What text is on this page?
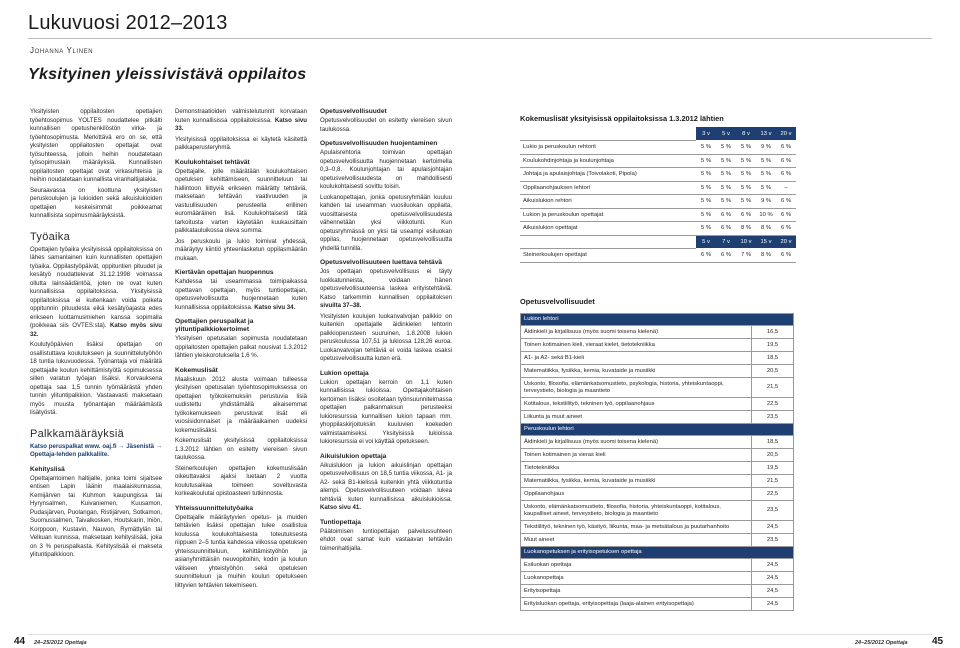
Lukuvuosi 2012–2013
Johanna Ylinen
Yksityinen yleissivistävä oppilaitos

Yksityisten oppilaitosten opettajien työehtosopimus YOLTES noudattelee pitkälti kunnallisen opetushenkilöstön virka- ja työehtosopimusta. Merkittävä ero on se, että yksityisten oppilaitosten opettajat ovat työsuhteessa, jolloin heihin noudatetaan työsopimuslain määräyksiä. Kunnallisten oppilaitosten opettajat ovat virkasuhteisia ja heihin noudatetaan kunnallista viranhaltijalakia.

Seuraavassa on koottuna yksityisten peruskoulujen ja lukioiden sekä aikuislukioiden opettajien keskeisimmät poikkeamat kunnallisista sopimusmääräyksistä.

Työaika

Opettajien työaika yksityisissä oppilaitoksissa on lähes samanlainen kuin kunnallisten opettajien työaika. Oppilastyöpäivät, oppituntien pituudet ja kesätyö noudattelevat 31.12.1998 voimassa ollutta lainsäädäntöä, joten ne ovat kuten kunnallisissa oppilaitoksissa. Yksityisissä oppilaitoksissa ei kuitenkaan voida poiketa oppitunnin pituudesta eikä kesätyöajasta edes erikseen luottamusmiehen kanssa sopimalla (poikkeaa siis OVTES:sta). Katso myös sivu 32.

Koulutyöpäivien lisäksi opettajan on osallistuttava koulutukseen ja suunnittelutyöhön 18 tuntia lukuvuodessa. Työnantaja voi määrätä opettajalle koulun kehittämistyötä sopimuksessa sillen varatun työajan lisäksi. Korvauksena opettaja saa 1,5 tunnin työmäärästä yhden tunnin ylituntipalkkion. Vastaavasti maksetaan myös muusta työnantajan määräämästä lisätyöstä.

Palkkamääräyksiä

Katso peruspalkat www. oaj.fi → Jäsenistä → Opettaja-lehden palkkaliite.

Kehityslisä

Opettajantoimen haltijalle, jonka toimi sijaitsee entisen Lapin läänin maalaiskunnassa, Kemijärven tai Kuhmon kaupungissa tai Hyrynsalmen, Kuivaniemen, Kuusamon, Pudasjärven, Puolangan, Ristijärven, Sotkamon, Suomussalmen, Taivalkosken, Houtskarin, Iniön, Korppoon, Kustavin, Nauvon, Rymättylän tai Velkuan kunnissa, maksetaan kehityslisää, joka on 3 % peruspalkasta. Kehityslisää ei makseta ylituntipalkkioon.

Demonstraatioiden valmistelutunnit korvataan kuten kunnallisissa oppilaitoksissa. Katso sivu 33.

Yksityisissä oppilaitoksissa ei käytetä käsitettä palkkaperusteryhmä.

Koulukohtaiset tehtävät

Opettajalle, jolle määrätään koulukohtaisen opetuksen kehittämiseen, suunnitteluun tai hallintoon liittyviä erikseen määrätty tehtäviä, maksetaan tehtävän vaativuuden ja vastuullisuuden perusteella erillinen euromääräinen lisä. Koulukohtaisesti tätä tarkoitusta varten käytetään kuukausittain palkkatauluikossa oleva summa.

Jos peruskoulu ja lukio toimivat yhdessä, määräytyy kiintiö yhteenlasketun oppilasmäärän mukaan.

Kiertävän opettajan huopennus

Kahdessa tai useammassa toimipaikassa opettavan opettajan, myös tuntiopettajan, opetusvelvollisuutta huojennetaan kuten kunnallisissa oppilaitoksissa. Katso sivu 34.

Opettajien peruspalkat ja ylituntipalkkiokertoimet

Yksityisen opetusalan sopimusta noudatetaan oppilaitosten opettajien palkat nousivat 1.3.2012 lähtien yleiskorotuksella 1,6 %.

Kokemuslisät

Maaliskuun 2012 alusta voimaan tulleessa yksityisen opetusalan työehtosopimuksessa on opettajien työkokemuksiin perustuvia lisiä uudistettu yhdistämällä aikaisemmat työkokemukseen perustuvat lisät eli vuosisidonnaiset ja määräaikainen uudeksi kokemuslisäksi.

Kokemuslisät yksityisissä oppilaitoksissa 1.3.2012 lähtien on esitetty viereisen sivun taulukossa.

Steinerkoulujen opettajien kokemuslisään oikeuttavaksi ajaksi luetaan 2 vuotta koulutusaikaa toimeen soveltuvasta korkeakoulutai opistoasteen tutkinnosta.

Yhteissuunnittelutyöaika

Opettajalle määräytyvien opetus- ja muiden tehtävien lisäksi opettajan tulee osallistua koulussa koulukohtaisesta toteutuksesta riippuen 2–5 tuntia kahdessa viikossa opetuksen yhteissuunnitteluun, kehittämistyöhön ja asianyhmittäisiin neuvopitoihin, kodin ja koulun väliseen yhteistyöhön sekä opetuksen suunnitteluun ja muihin koulun opetukseen liittyvien tehtävien tekemiseen.

Opetusvelvollisuudet

Opetusvelvollisuudet on esitetty viereisen sivun taulukossa.

Opetusvelvollisuuden huojentaminen

Apulaisrehtoria toimivan opettajan opetusvelvollisuutta huojennetaan kertoimella 0,3–0,8. Koulunjohtajan tai apulaisjohtajan opetusvelvollisuudesta on mahdollisesti koulukohtaisesti sovittu toisin.

Luokanopettajan, jonka opetusryhmään kuuluu kahden tai useamman vuosiluokan oppilaita, vuosittaisesta opetusvelvollisuudesta vähennetään yksi viikkotunti. Kun opetusryhmässä on yksi tai useampi esiluokan oppilas, huojennetaan opetusvelvollisuutta yhdellä tunnilla.

Opetusvelvollisuuteen luettava tehtävä

Jos opettajan opetusvelvollisuus ei täyty luokkatunneista, voidaan hänen opetusvelvollisuuteensa laskea erityistehtäviä. Katso tarkemmin kunnallisen oppilaitoksen sivuilta 37–38.

Yksityisten koulujen luokanvalvojan palkkio on kuitenkin opettajalle äidinkielen lehtorin palkkioperusteen suuruinen, 1.8.2008 lukien peruskoulussa 107,51 ja lukiossa 128,26 euroa. Luokanvalvojan tehtäviä ei voida laskea osaksi opetusvelvollisuutta kuten erä.

Lukion opettaja

Lukion opettajan kerroin on 1,1 kuten kunnallisissa lukioissa. Opettajakohtaisen kertoimen lisäksi osoitetaan työnsuunnitelmassa opettajien palkanmaksun perusteeksi lukioresurssia kunnallisen lukion tapaan mm. yhoppilaskirjoituksiin kuuluvien koekeden valmistaamiseksi. Yksityisissä lukioissa lukioresurssia ei voi käyttää opetukseen.

Aikuislukion opettaja

Aikuislukion ja lukion aikuislinjan opettajan opetusvelvollisuus on 18,5 tuntia viikossa, A1- ja A2- sekä B1-kielissä kuitenkin yhtä viikkotuntia alempi. Opetusvelvollisuuteen voidaan lukea tehtäviä kuten kunnallisissa aikuislukioissa. Katso sivu 41.

Tuntiopettaja

Päätoimisen tuntiopettajan palvelussuhteen ehdot ovat samat kuin vastaavan tehtävän toimenhaltijalla.

Kokemuslisät yksityisissä oppilaitoksissa 1.3.2012 lähtien
	3 v	5 v	8 v	13 v	20 v
Lukio ja peruskoulun rehtorit	5 %	5 %	5 %	9 %	6 %
Koulukohdinjohtaja ja koulunjohtaja	5 %	5 %	5 %	5 %	6 %
Johtaja ja apulaisjohtaja (Toivolakoti, Pipola)	5 %	5 %	5 %	5 %	6 %
Oppilaanohjauksen lehtori	5 %	5 %	5 %	5 %	–
Aikuislukion rehtori	5 %	5 %	5 %	9 %	6 %
Lukion ja peruskoulun opettajat	5 %	6 %	6 %	10 %	6 %
Aikuislukion opettajat	5 %	6 %	8 %	8 %	6 %
	5 v	7 v	10 v	15 v	20 v
Steinerkoulujen opettajat	6 %	6 %	7 %	8 %	6 %
Opetusvelvollisuudet
Lukion lehtori	
Äidinkieli ja kirjallisuus (myös suomi toisena kielenä)	16,5
Toinen kotimainen kieli, vieraat kielet, tietotekniikka	19,5
A1- ja A2- sekä B1-kieli	18,5
Matematiikka, fysiikka, kemia, kuvataide ja musiikki	20,5
Uskonto, filosofia, elämänkatsomustieto, psykologia, historia, yhteiskuntaoppi, terveystieto, biologia ja maantieto	21,5
Kotitalous, tekstiilityö, tekninen työ, oppilaanohjaus	22,5
Liikunta ja muut aineet	23,5
Peruskoulun lehtori	
Äidinkieli ja kirjallisuus (myös suomi toisena kielenä)	18,5
Toinen kotimainen ja vieras kieli	20,5
Tietotekniikka	19,5
Matematiikka, fysiikka, kemia, kuvataide ja musiikki	21,5
Oppilaanohjaus	22,5
Uskonto, elämänkatsomustieto, filosofia, historia, yhteiskuntaoppi, kotitalous, kaupalliset aineet, terveystieto, biologia ja maantieto	23,5
Tekstiilityö, tekninen työ, käsityö, liikunta, maa- ja metsätalous ja puutarhanhoito	24,5
Muut aineet	23,5
Luokanopetuksen ja erityisopetuksen opettaja	
Esiluokan opettaja	24,5
Luokanopettaja	24,5
Erityisopettaja	24,5
Erityisluokan opettaja, erityisopettaja (laaja-alainen erityisopettaja)	24,5
44 24–25/2012 Opettaja	24–25/2012 Opettaja 45
